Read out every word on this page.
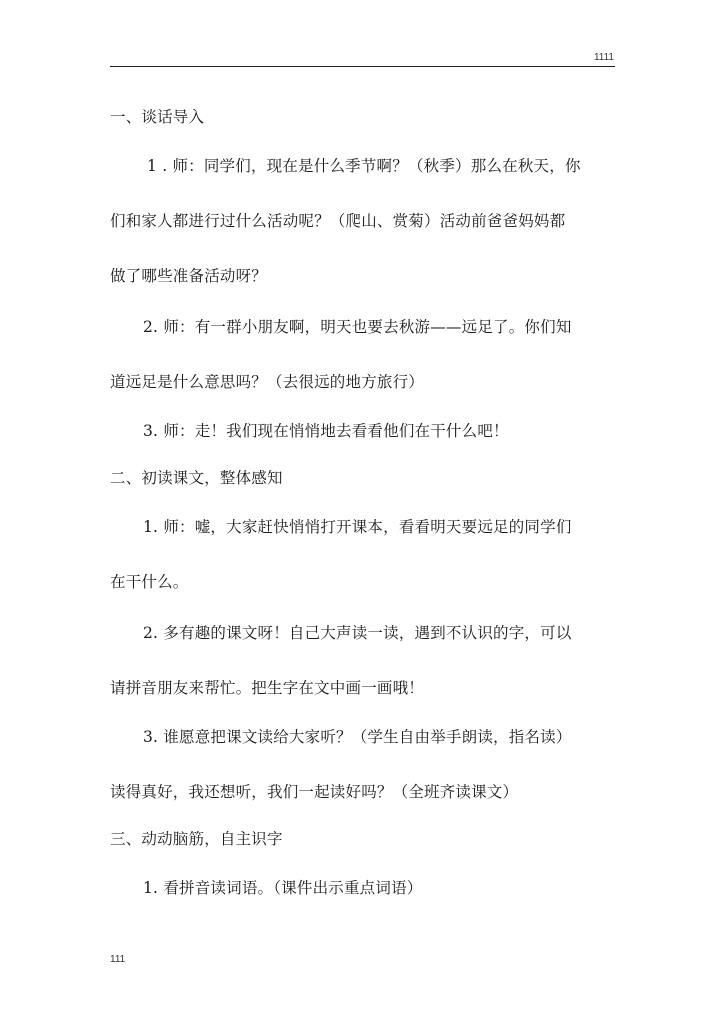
1111
一、谈话导入
1 . 师：同学们，现在是什么季节啊？（秋季）那么在秋天，你
们和家人都进行过什么活动呢？（爬山、赏菊）活动前爸爸妈妈都
做了哪些准备活动呀？
2. 师：有一群小朋友啊，明天也要去秋游——远足了。你们知
道远足是什么意思吗？（去很远的地方旅行）
3. 师：走！我们现在悄悄地去看看他们在干什么吧！
二、初读课文，整体感知
1. 师：嘘，大家赶快悄悄打开课本，看看明天要远足的同学们
在干什么。
2. 多有趣的课文呀！自己大声读一读，遇到不认识的字，可以
请拼音朋友来帮忙。把生字在文中画一画哦！
3. 谁愿意把课文读给大家听？（学生自由举手朗读，指名读）
读得真好，我还想听，我们一起读好吗？（全班齐读课文）
三、动动脑筋，自主识字
1. 看拼音读词语。（课件出示重点词语）
111
